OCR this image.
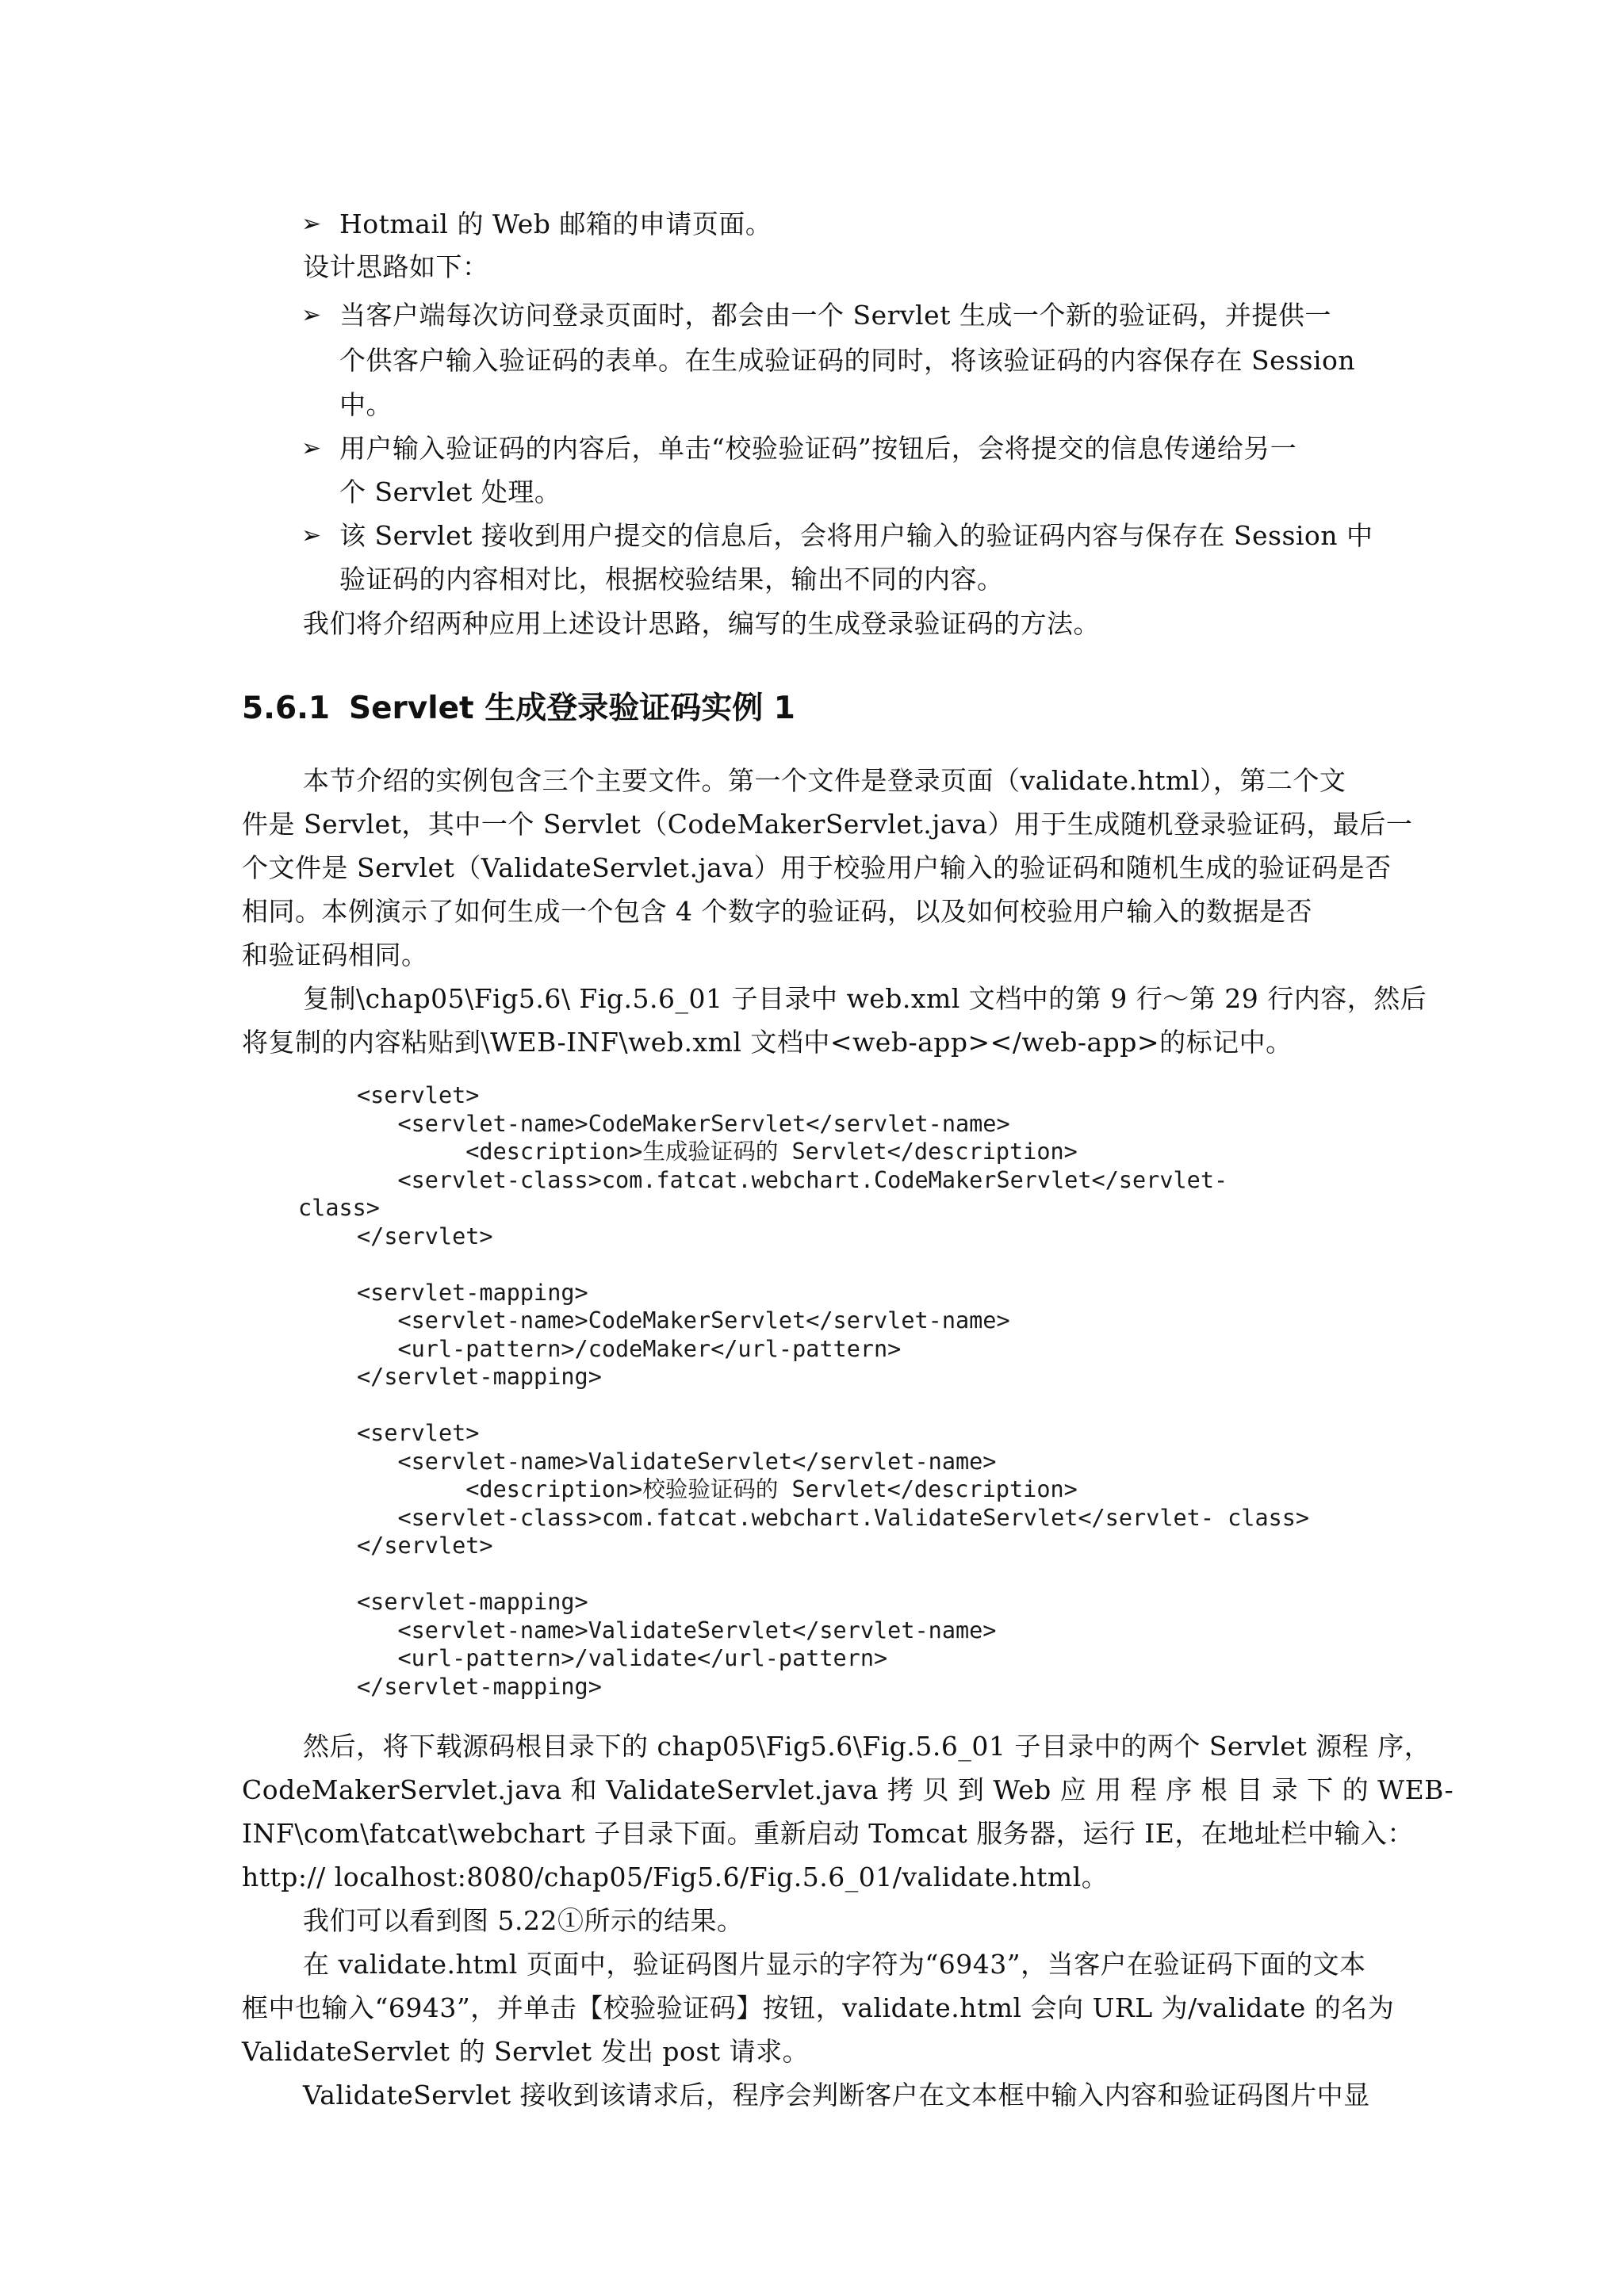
➢ Hotmail 的 Web 邮箱的申请页面。
设计思路如下：
➢ 当客户端每次访问登录页面时，都会由一个 Servlet 生成一个新的验证码，并提供一
个供客户输入验证码的表单。在生成验证码的同时，将该验证码的内容保存在 Session
中。
➢ 用户输入验证码的内容后，单击“校验验证码”按钮后，会将提交的信息传递给另一
个 Servlet 处理。
➢ 该 Servlet 接收到用户提交的信息后，会将用户输入的验证码内容与保存在 Session 中
验证码的内容相对比，根据校验结果，输出不同的内容。
我们将介绍两种应用上述设计思路，编写的生成登录验证码的方法。
5.6.1 Servlet 生成登录验证码实例 1
本节介绍的实例包含三个主要文件。第一个文件是登录页面（validate.html），第二个文
件是 Servlet，其中一个 Servlet（CodeMakerServlet.java）用于生成随机登录验证码，最后一
个文件是 Servlet（ValidateServlet.java）用于校验用户输入的验证码和随机生成的验证码是否
相同。本例演示了如何生成一个包含 4 个数字的验证码，以及如何校验用户输入的数据是否
和验证码相同。
复制\chap05\Fig5.6\ Fig.5.6_01 子目录中 web.xml 文档中的第 9 行～第 29 行内容，然后
将复制的内容粘贴到\WEB-INF\web.xml 文档中<web-app></web-app>的标记中。
<servlet>
<servlet-name>CodeMakerServlet</servlet-name>
<description>生成验证码的 Servlet</description>
<servlet-class>com.fatcat.webchart.CodeMakerServlet</servlet-
class>
</servlet>
<servlet-mapping>
<servlet-name>CodeMakerServlet</servlet-name>
<url-pattern>/codeMaker</url-pattern>
</servlet-mapping>
<servlet>
<servlet-name>ValidateServlet</servlet-name>
<description>校验验证码的 Servlet</description>
<servlet-class>com.fatcat.webchart.ValidateServlet</servlet- class>
</servlet>
<servlet-mapping>
<servlet-name>ValidateServlet</servlet-name>
<url-pattern>/validate</url-pattern>
</servlet-mapping>
然后，将下载源码根目录下的 chap05\Fig5.6\Fig.5.6_01 子目录中的两个 Servlet 源程 序，
CodeMakerServlet.java 和 ValidateServlet.java 拷 贝 到 Web 应 用 程 序 根 目 录 下 的 WEB-
INF\com\fatcat\webchart 子目录下面。重新启动 Tomcat 服务器，运行 IE，在地址栏中输入：
http:// localhost:8080/chap05/Fig5.6/Fig.5.6_01/validate.html。
我们可以看到图 5.22①所示的结果。
在 validate.html 页面中，验证码图片显示的字符为“6943”，当客户在验证码下面的文本
框中也输入“6943”，并单击【校验验证码】按钮，validate.html 会向 URL 为/validate 的名为
ValidateServlet 的 Servlet 发出 post 请求。
ValidateServlet 接收到该请求后，程序会判断客户在文本框中输入内容和验证码图片中显
